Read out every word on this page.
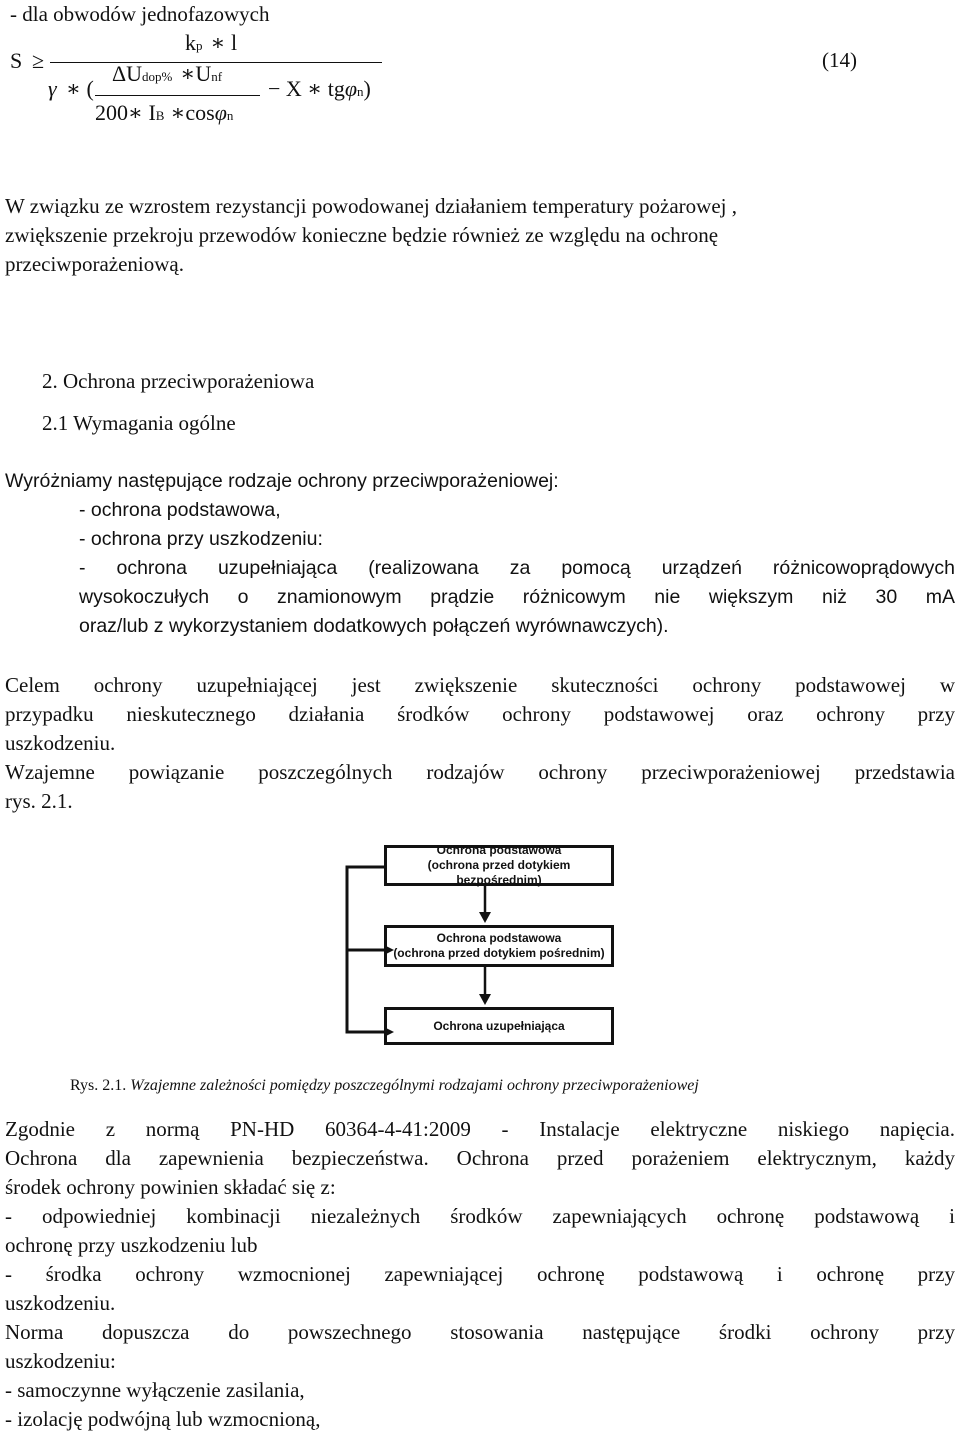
- dla obwodów jednofazowych
S ≥
kp ∗ l
γ ∗ (
ΔUdop% ∗Unf
200∗ IB ∗cosφn
− X ∗ tgφn)
(14)
W związku ze wzrostem rezystancji powodowanej działaniem temperatury pożarowej ,
zwiększenie przekroju przewodów konieczne będzie również ze względu na ochronę
przeciwporażeniową.
2. Ochrona przeciwporażeniowa
2.1 Wymagania ogólne
Wyróżniamy następujące rodzaje ochrony przeciwporażeniowej:
- ochrona podstawowa,
- ochrona przy uszkodzeniu:
- ochrona uzupełniająca (realizowana za pomocą urządzeń różnicowoprądowych
wysokoczułych o znamionowym prądzie różnicowym nie większym niż 30 mA
oraz/lub z wykorzystaniem dodatkowych połączeń wyrównawczych).
Celem ochrony uzupełniającej jest zwiększenie skuteczności ochrony podstawowej w
przypadku nieskutecznego działania środków ochrony podstawowej oraz ochrony przy
uszkodzeniu.
Wzajemne powiązanie poszczególnych rodzajów ochrony przeciwporażeniowej przedstawia
rys. 2.1.
Ochrona podstawowa
(ochrona przed dotykiem bezpośrednim)
Ochrona podstawowa
(ochrona przed dotykiem pośrednim)
Ochrona uzupełniająca
Rys. 2.1. Wzajemne zależności pomiędzy poszczególnymi rodzajami ochrony przeciwporażeniowej
Zgodnie z normą PN-HD 60364-4-41:2009 - Instalacje elektryczne niskiego napięcia.
Ochrona dla zapewnienia bezpieczeństwa. Ochrona przed porażeniem elektrycznym, każdy
środek ochrony powinien składać się z:
- odpowiedniej kombinacji niezależnych środków zapewniających ochronę podstawową i
ochronę przy uszkodzeniu lub
- środka ochrony wzmocnionej zapewniającej ochronę podstawową i ochronę przy
uszkodzeniu.
Norma dopuszcza do powszechnego stosowania następujące środki ochrony przy
uszkodzeniu:
- samoczynne wyłączenie zasilania,
- izolację podwójną lub wzmocnioną,
